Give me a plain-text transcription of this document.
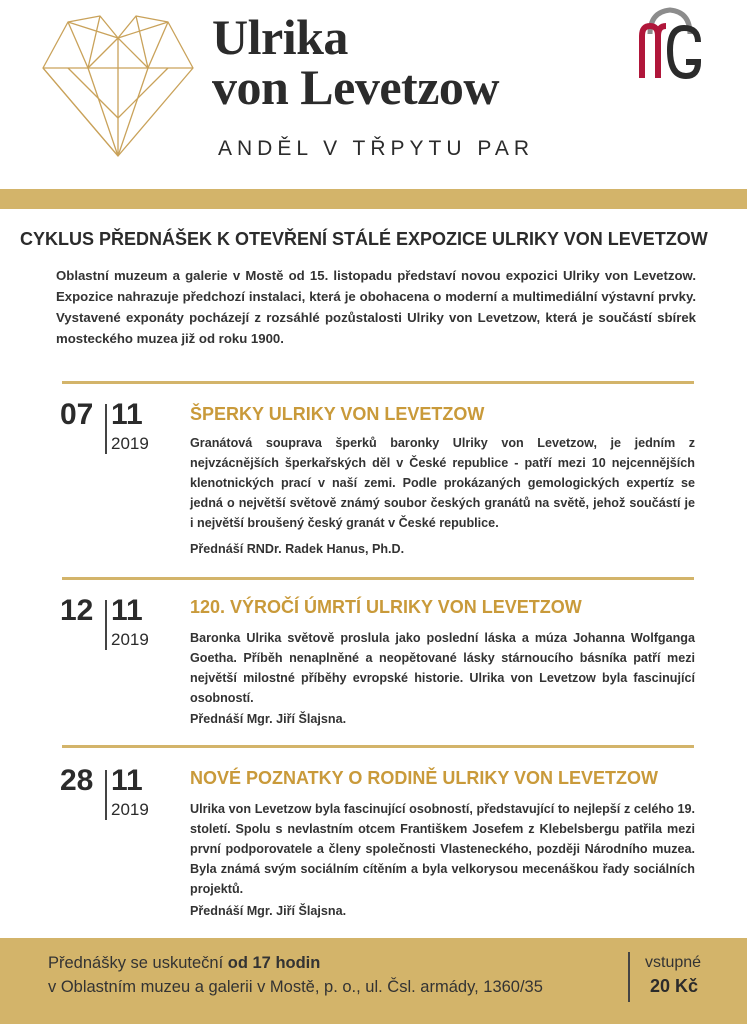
Ulrika
von Levetzow
ANDĚL V TŘPYTU PAR
CYKLUS PŘEDNÁŠEK K OTEVŘENÍ STÁLÉ EXPOZICE ULRIKY VON LEVETZOW
Oblastní muzeum a galerie v Mostě od 15. listopadu představí novou expozici Ulriky von Levetzow. Expozice nahrazuje předchozí instalaci, která je obohacena o moderní a multimediální výstavní prvky. Vystavené exponáty pocházejí z rozsáhlé pozůstalosti Ulriky von Levetzow, která je součástí sbírek mosteckého muzea již od roku 1900.
07 11
2019
ŠPERKY ULRIKY VON LEVETZOW
Granátová souprava šperků baronky Ulriky von Levetzow, je jedním z nejvzácnějších šperkařských děl v České republice - patří mezi 10 nejcennějších klenotnických prací v naší zemi. Podle prokázaných gemologických expertíz se jedná o největší světově známý soubor českých granátů na světě, jehož součástí je i největší broušený český granát v České republice.
Přednáší RNDr. Radek Hanus, Ph.D.
12 11
2019
120. VÝROČÍ ÚMRTÍ ULRIKY VON LEVETZOW
Baronka Ulrika světově proslula jako poslední láska a múza Johanna Wolfganga Goetha. Příběh nenaplněné a neopětované lásky stárnoucího básníka patří mezi největší milostné příběhy evropské historie. Ulrika von Levetzow byla fascinující osobností.
Přednáší Mgr. Jiří Šlajsna.
28 11
2019
NOVÉ POZNATKY O RODINĚ ULRIKY VON LEVETZOW
Ulrika von Levetzow byla fascinující osobností, představující to nejlepší z celého 19. století. Spolu s nevlastním otcem Františkem Josefem z Klebelsbergu patřila mezi první podporovatele a členy společnosti Vlasteneckého, později Národního muzea. Byla známá svým sociálním cítěním a byla velkorysou mecenáškou řady sociálních projektů.
Přednáší Mgr. Jiří Šlajsna.
Přednášky se uskuteční od 17 hodin
v Oblastním muzeu a galerii v Mostě, p. o., ul. Čsl. armády, 1360/35
vstupné
20 Kč
